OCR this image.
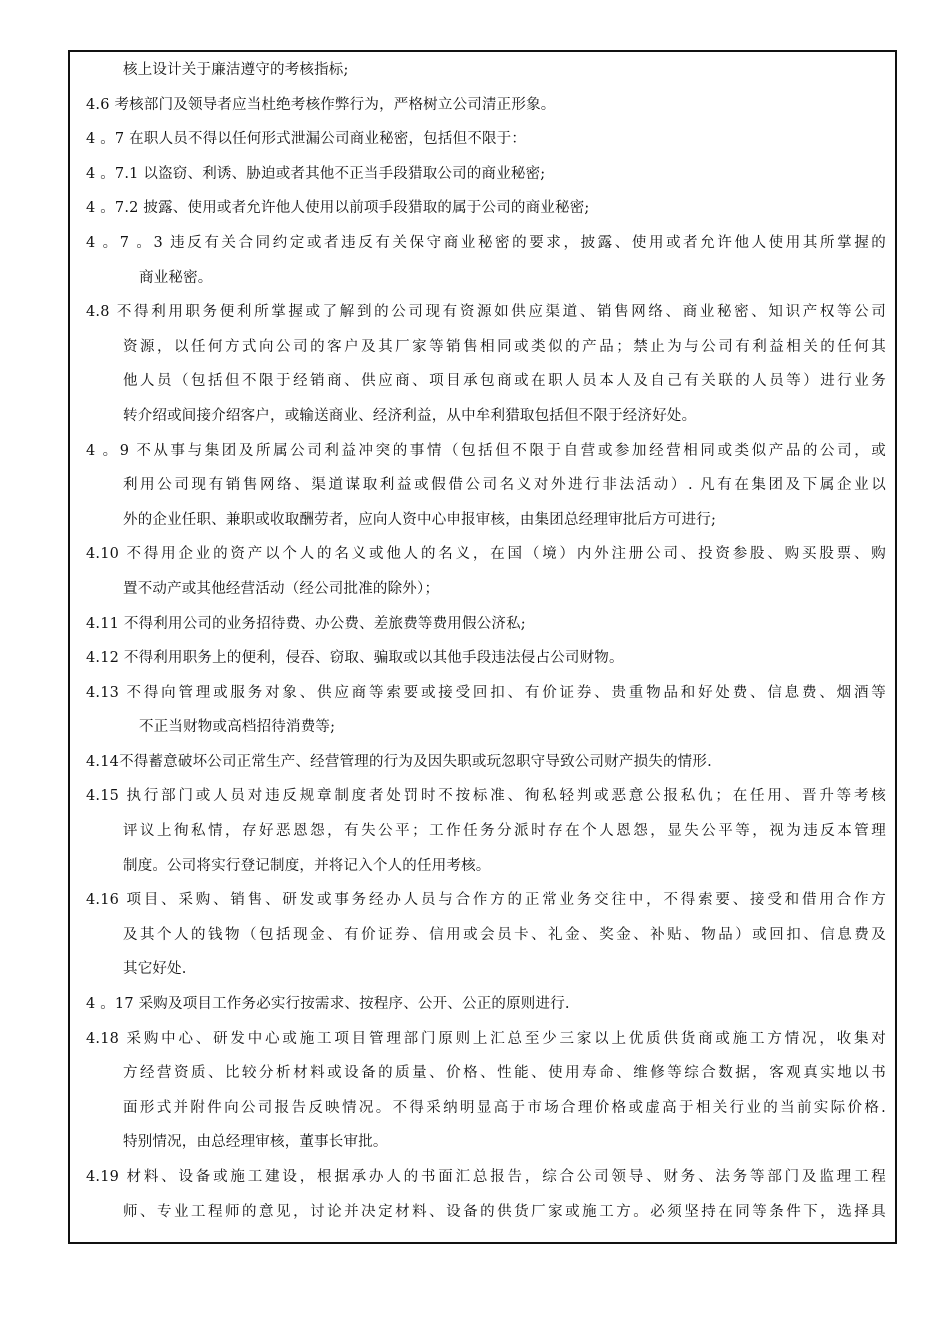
核上设计关于廉洁遵守的考核指标;
4.6 考核部门及领导者应当杜绝考核作弊行为，严格树立公司清正形象。
4 。7 在职人员不得以任何形式泄漏公司商业秘密，包括但不限于：
4 。7.1 以盗窃、利诱、胁迫或者其他不正当手段猎取公司的商业秘密;
4 。7.2 披露、使用或者允许他人使用以前项手段猎取的属于公司的商业秘密;
4 。7 。3 违反有关合同约定或者违反有关保守商业秘密的要求，披露、使用或者允许他人使用其所掌握的
商业秘密。
4.8 不得利用职务便利所掌握或了解到的公司现有资源如供应渠道、销售网络、商业秘密、知识产权等公司
资源，以任何方式向公司的客户及其厂家等销售相同或类似的产品；禁止为与公司有利益相关的任何其
他人员（包括但不限于经销商、供应商、项目承包商或在职人员本人及自己有关联的人员等）进行业务
转介绍或间接介绍客户，或输送商业、经济利益，从中牟利猎取包括但不限于经济好处。
4 。9 不从事与集团及所属公司利益冲突的事情（包括但不限于自营或参加经营相同或类似产品的公司，或
利用公司现有销售网络、渠道谋取利益或假借公司名义对外进行非法活动）. 凡有在集团及下属企业以
外的企业任职、兼职或收取酬劳者，应向人资中心申报审核，由集团总经理审批后方可进行;
4.10 不得用企业的资产以个人的名义或他人的名义，在国（境）内外注册公司、投资参股、购买股票、购
置不动产或其他经营活动（经公司批准的除外）；
4.11 不得利用公司的业务招待费、办公费、差旅费等费用假公济私;
4.12 不得利用职务上的便利，侵吞、窃取、骗取或以其他手段违法侵占公司财物。
4.13 不得向管理或服务对象、供应商等索要或接受回扣、有价证券、贵重物品和好处费、信息费、烟酒等
不正当财物或高档招待消费等;
4.14不得蓄意破坏公司正常生产、经营管理的行为及因失职或玩忽职守导致公司财产损失的情形.
4.15 执行部门或人员对违反规章制度者处罚时不按标准、徇私轻判或恶意公报私仇；在任用、晋升等考核
评议上徇私情，存好恶恩怨，有失公平；工作任务分派时存在个人恩怨，显失公平等，视为违反本管理
制度。公司将实行登记制度，并将记入个人的任用考核。
4.16 项目、采购、销售、研发或事务经办人员与合作方的正常业务交往中，不得索要、接受和借用合作方
及其个人的钱物（包括现金、有价证券、信用或会员卡、礼金、奖金、补贴、物品）或回扣、信息费及
其它好处.
4 。17 采购及项目工作务必实行按需求、按程序、公开、公正的原则进行.
4.18 采购中心、研发中心或施工项目管理部门原则上汇总至少三家以上优质供货商或施工方情况，收集对
方经营资质、比较分析材料或设备的质量、价格、性能、使用寿命、维修等综合数据，客观真实地以书
面形式并附件向公司报告反映情况。不得采纳明显高于市场合理价格或虚高于相关行业的当前实际价格.
特别情况，由总经理审核，董事长审批。
4.19 材料、设备或施工建设，根据承办人的书面汇总报告，综合公司领导、财务、法务等部门及监理工程
师、专业工程师的意见，讨论并决定材料、设备的供货厂家或施工方。必须坚持在同等条件下，选择具
